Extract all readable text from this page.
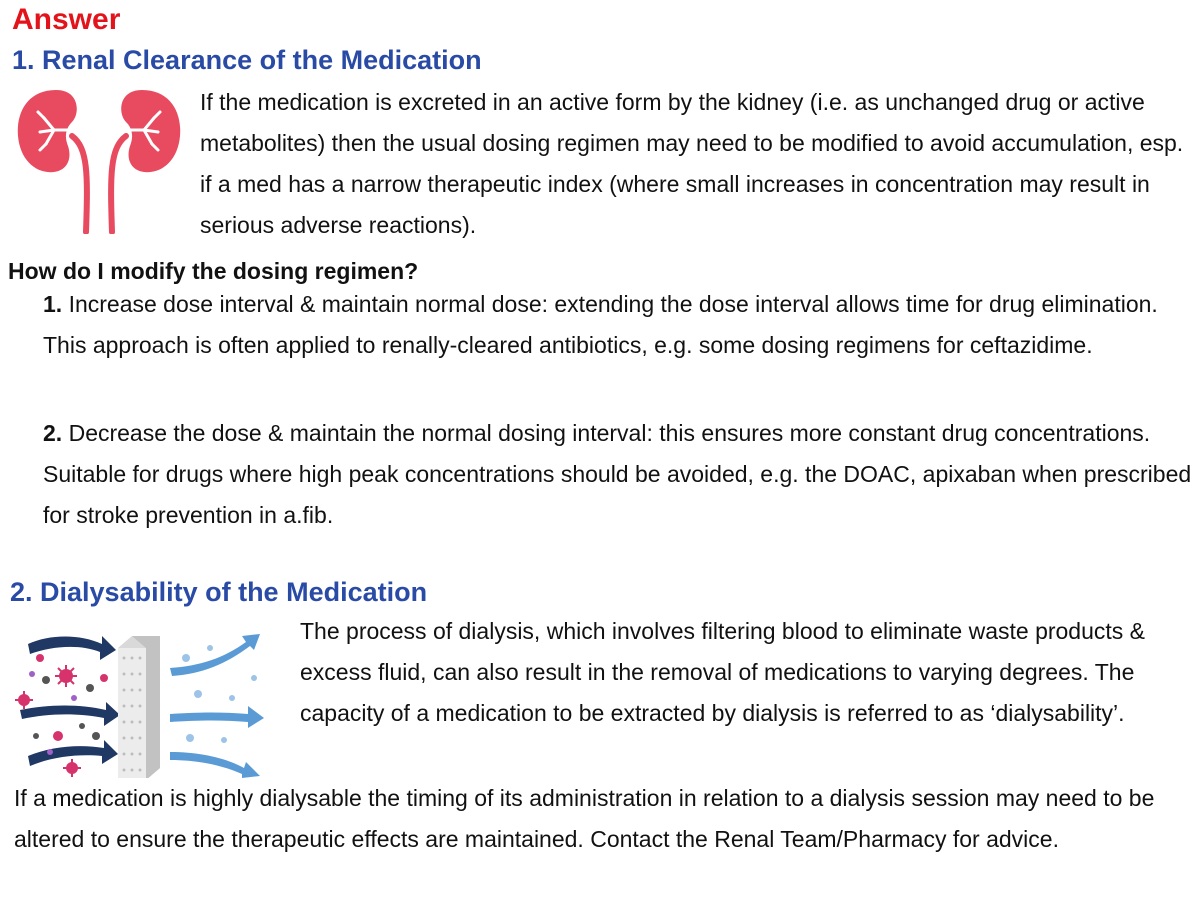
Answer
1. Renal Clearance of the Medication

If the medication is excreted in an active form by the kidney (i.e. as unchanged drug or active metabolites) then the usual dosing regimen may need to be modified to avoid accumulation, esp. if a med has a narrow therapeutic index (where small increases in concentration may result in serious adverse reactions).

How do I modify the dosing regimen?

1. Increase dose interval & maintain normal dose: extending the dose interval allows time for drug elimination. This approach is often applied to renally-cleared antibiotics, e.g. some dosing regimens for ceftazidime.

2. Decrease the dose & maintain the normal dosing interval: this ensures more constant drug concentrations. Suitable for drugs where high peak concentrations should be avoided, e.g. the DOAC, apixaban when prescribed for stroke prevention in a.fib.

2. Dialysability of the Medication

The process of dialysis, which involves filtering blood to eliminate waste products & excess fluid, can also result in the removal of medications to varying degrees. The capacity of a medication to be extracted by dialysis is referred to as ‘dialysability’.

If a medication is highly dialysable the timing of its administration in relation to a dialysis session may need to be altered to ensure the therapeutic effects are maintained. Contact the Renal Team/Pharmacy for advice.
